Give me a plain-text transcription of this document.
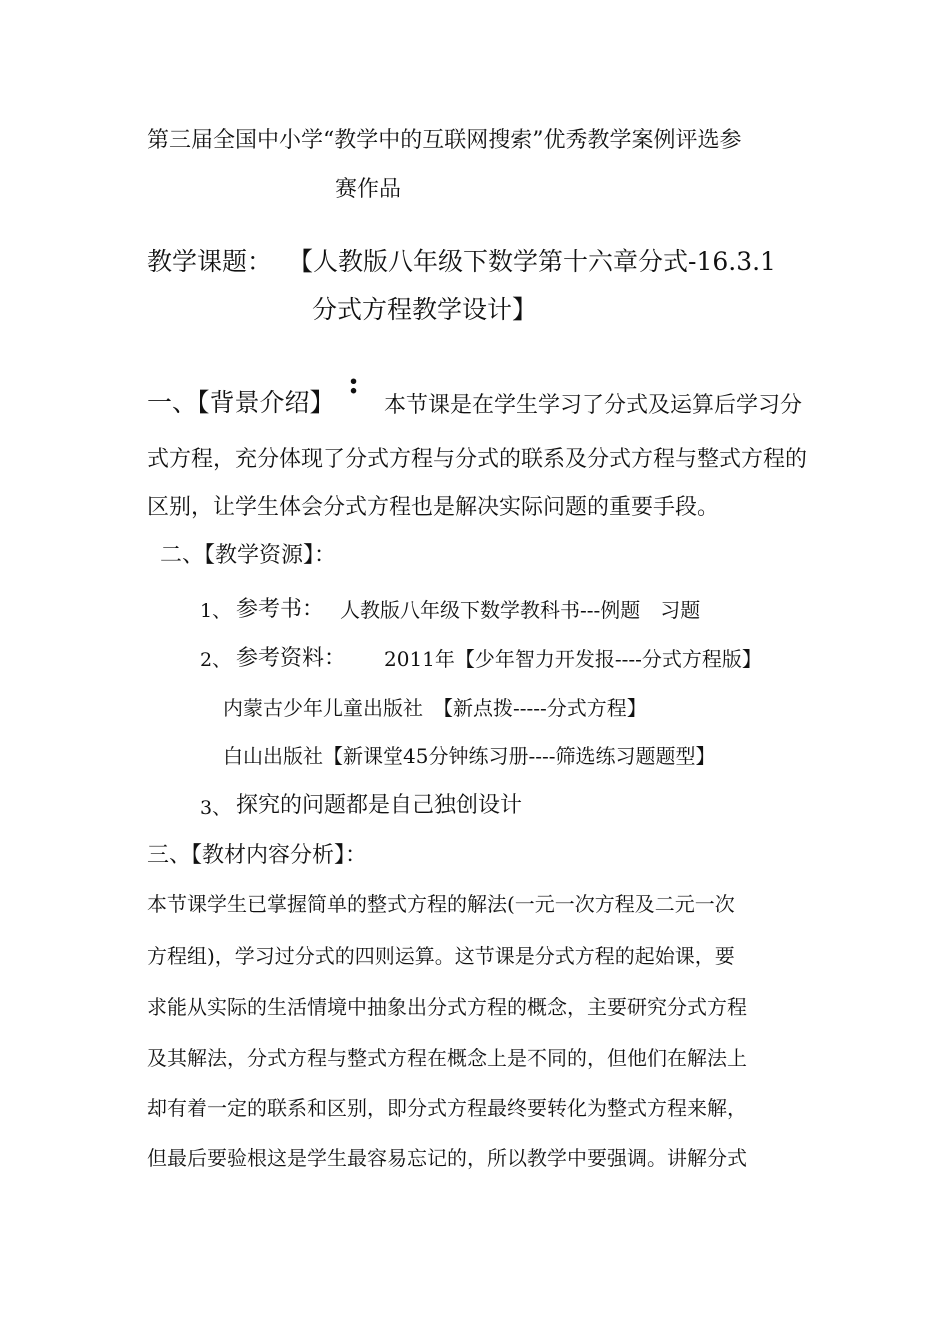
第三届全国中小学“教学中的互联网搜索”优秀教学案例评选参
赛作品
教学课题： 【人教版八年级下数学第十六章分式-16.3.1
分式方程教学设计】
一、【背景介绍】
:
本节课是在学生学习了分式及运算后学习分
式方程，充分体现了分式方程与分式的联系及分式方程与整式方程的
区别，让学生体会分式方程也是解决实际问题的重要手段。
二、【教学资源】：
1、 参考书： 人教版八年级下数学教科书---例题　习题
2、 参考资料： 2011年【少年智力开发报----分式方程版】
内蒙古少年儿童出版社　【新点拨-----分式方程】
白山出版社【新课堂45分钟练习册----筛选练习题题型】
3、 探究的问题都是自己独创设计
三、【教材内容分析】：
本节课学生已掌握简单的整式方程的解法(一元一次方程及二元一次
方程组)，学习过分式的四则运算。这节课是分式方程的起始课，要
求能从实际的生活情境中抽象出分式方程的概念，主要研究分式方程
及其解法，分式方程与整式方程在概念上是不同的，但他们在解法上
却有着一定的联系和区别，即分式方程最终要转化为整式方程来解，
但最后要验根这是学生最容易忘记的，所以教学中要强调。讲解分式
